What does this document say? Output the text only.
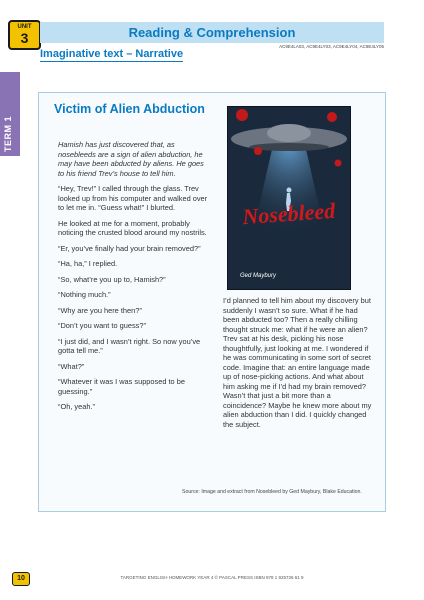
UNIT
3	Reading & Comprehension
Imaginative text – Narrative
AC9E4LA03, AC9E4LY03, AC9E4LY04, AC9E4LY05
TERM 1
Victim of Alien Abduction

Hamish has just discovered that, as nosebleeds are a sign of alien abduction, he may have been abducted by aliens. He goes to his friend Trev’s house to tell him.

“Hey, Trev!” I called through the glass. Trev looked up from his computer and walked over to let me in. “Guess what!” I blurted.

He looked at me for a moment, probably noticing the crusted blood around my nostrils.

“Er, you’ve finally had your brain removed?”

“Ha, ha,” I replied.

“So, what’re you up to, Hamish?”

“Nothing much.”

“Why are you here then?”

“Don’t you want to guess?”

“I just did, and I wasn’t right. So now you’ve gotta tell me.”

“What?”

“Whatever it was I was supposed to be guessing.”

“Oh, yeah.”

Nosebleed
Ged Maybury

I’d planned to tell him about my discovery but suddenly I wasn’t so sure. What if he had been abducted too? Then a really chilling thought struck me: what if he were an alien? Trev sat at his desk, picking his nose thoughtfully, just looking at me. I wondered if he was communicating in some sort of secret code. Imagine that: an entire language made up of nose-picking actions. And what about him asking me if I’d had my brain removed? Wasn’t that just a bit more than a coincidence? Maybe he knew more about my alien abduction than I did. I quickly changed the subject.

Source: Image and extract from Nosebleed by Ged Maybury, Blake Education.
10	TARGETING ENGLISH HOMEWORK YEAR 4 © PASCAL PRESS ISBN 978 1 925726 61 9
